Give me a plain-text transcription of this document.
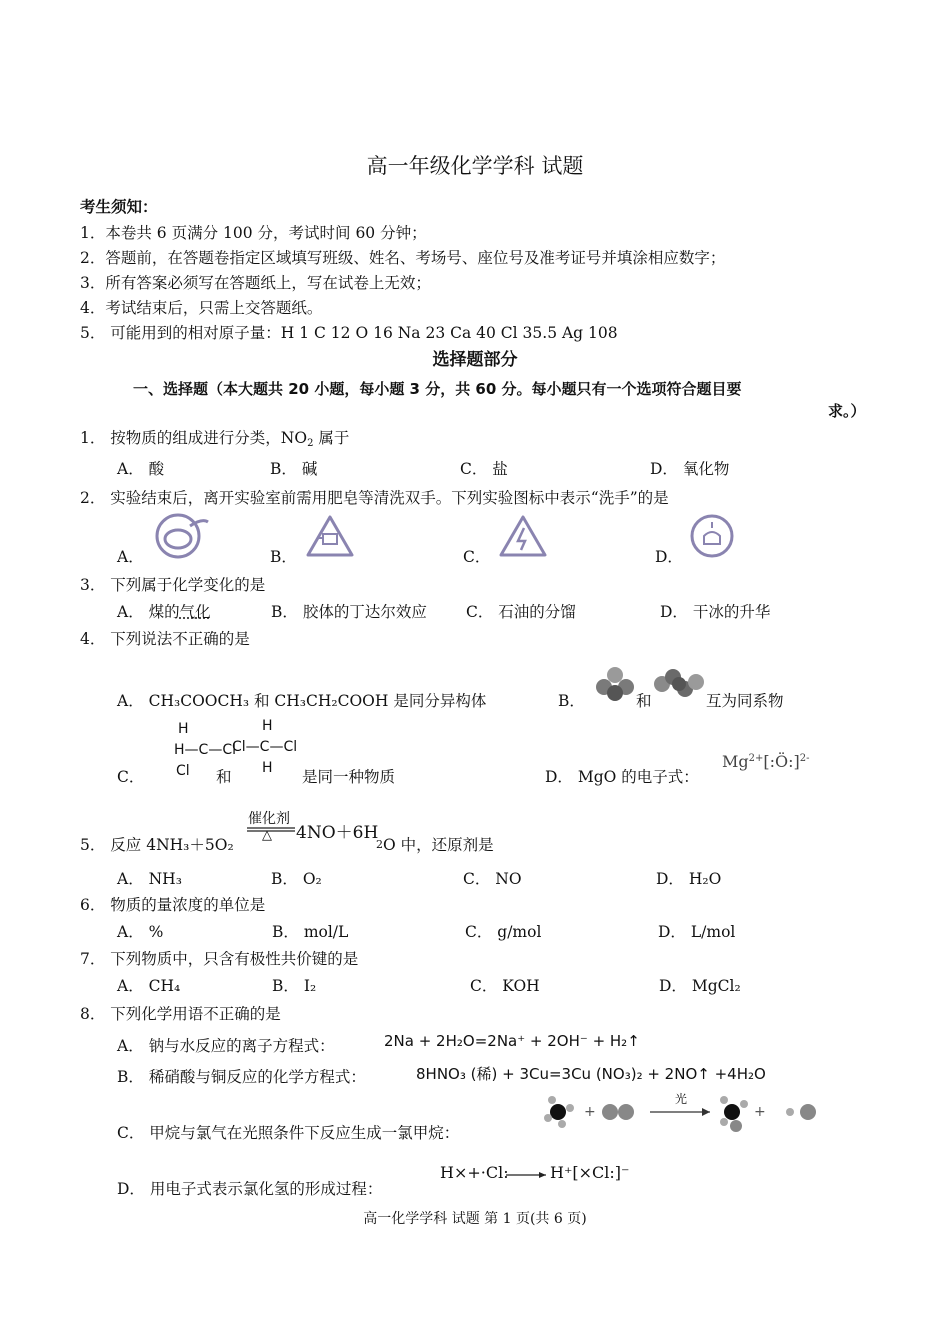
高一年级化学学科 试题
考生须知：
1．本卷共 6 页满分 100 分，考试时间 60 分钟；
2．答题前，在答题卷指定区域填写班级、姓名、考场号、座位号及准考证号并填涂相应数字；
3．所有答案必须写在答题纸上，写在试卷上无效；
4．考试结束后，只需上交答题纸。
5． 可能用到的相对原子量：H 1 C 12 O 16 Na 23 Ca 40 Cl 35.5 Ag 108
选择题部分
一、选择题（本大题共 20 小题，每小题 3 分，共 60 分。每小题只有一个选项符合题目要
求。）
1． 按物质的组成进行分类，$NO_2$ 属于
A． 酸	B． 碱	C． 盐	D． 氧化物
2． 实验结束后，离开实验室前需用肥皂等清洗双手。下列实验图标中表示“洗手”的是
A．	B．	C．	D．
3． 下列属于化学变化的是
A． 煤的气化	B． 胶体的丁达尔效应	C． 石油的分馏	D． 干冰的升华
4． 下列说法不正确的是
A． CH₃COOCH₃ 和 CH₃CH₂COOH 是同分异构体	B．	和	互为同系物
C．
H
H—C—Cl
Cl	和
H
Cl—C—Cl
H	是同一种物质	D． MgO 的电子式：
$Mg^{2+}[:Ö:]^{2-}$
催化剂
△
5． 反应 4NH₃＋5O₂
4NO＋6H
2 O 中，还原剂是
A． NH₃	B． O₂	C． NO	D． H₂O
6． 物质的量浓度的单位是
A． %	B． mol/L	C． g/mol	D． L/mol
7． 下列物质中，只含有极性共价键的是
A． CH₄	B． I₂	C． KOH	D． MgCl₂
8． 下列化学用语不正确的是
A． 钠与水反应的离子方程式：	2Na + 2H₂O=2Na⁺ + 2OH⁻ + H₂↑
B． 稀硝酸与铜反应的化学方程式：	8HNO₃ (稀) + 3Cu=3Cu (NO₃)₂ + 2NO↑ +4H₂O
C． 甲烷与氯气在光照条件下反应生成一氯甲烷：
+	+
光
D． 用电子式表示氯化氢的形成过程：
H×+·Cl:	H⁺[×Cl:]⁻
高一化学学科 试题 第 1 页(共 6 页)
